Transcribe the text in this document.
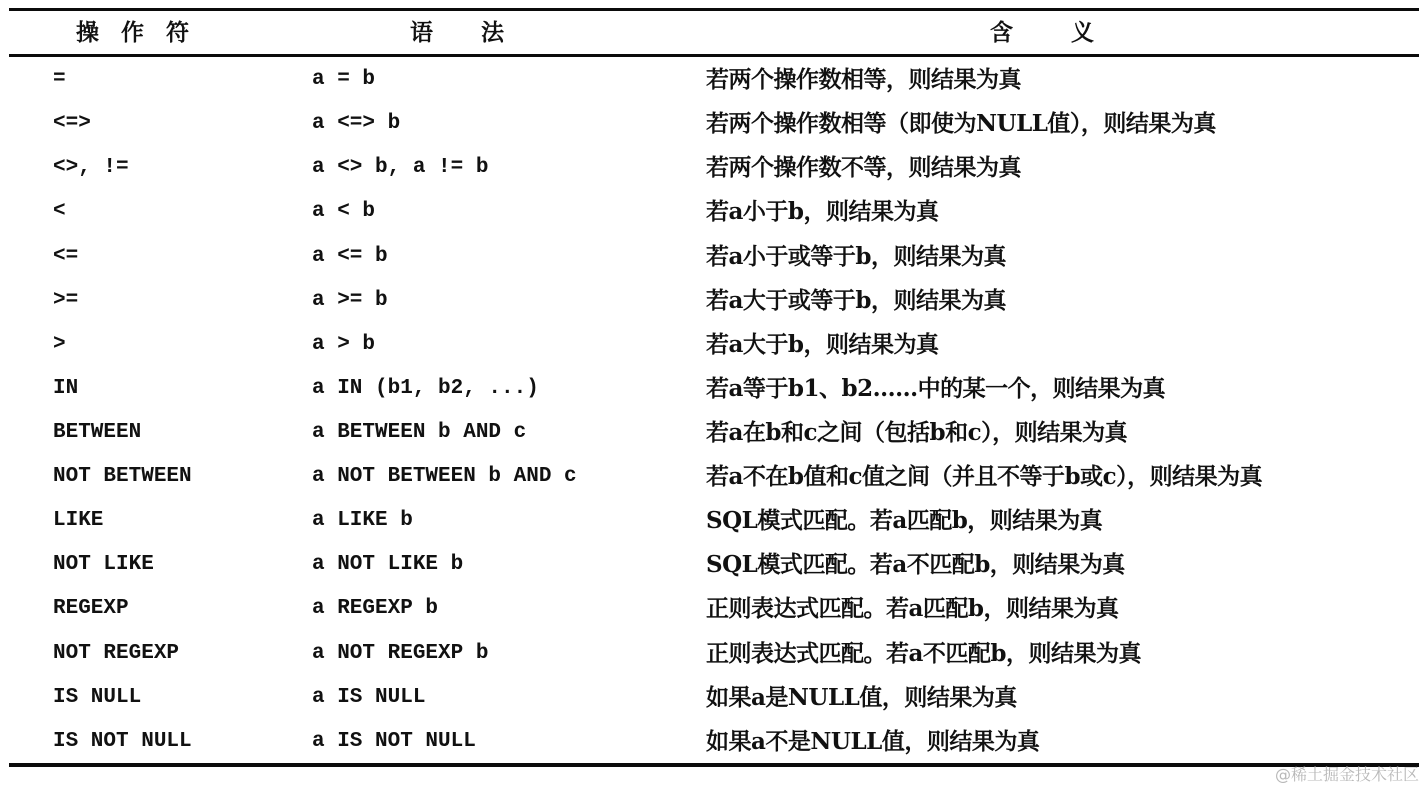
操作符	语法	含义
=	a = b	若两个操作数相等，则结果为真
<=>	a <=> b	若两个操作数相等（即使为NULL值），则结果为真
<>, !=	a <> b, a != b	若两个操作数不等，则结果为真
<	a < b	若a小于b，则结果为真
<=	a <= b	若a小于或等于b，则结果为真
>=	a >= b	若a大于或等于b，则结果为真
>	a > b	若a大于b，则结果为真
IN	a IN (b1, b2, ...)	若a等于b1、b2……中的某一个，则结果为真
BETWEEN	a BETWEEN b AND c	若a在b和c之间（包括b和c），则结果为真
NOT BETWEEN	a NOT BETWEEN b AND c	若a不在b值和c值之间（并且不等于b或c），则结果为真
LIKE	a LIKE b	SQL模式匹配。若a匹配b，则结果为真
NOT LIKE	a NOT LIKE b	SQL模式匹配。若a不匹配b，则结果为真
REGEXP	a REGEXP b	正则表达式匹配。若a匹配b，则结果为真
NOT REGEXP	a NOT REGEXP b	正则表达式匹配。若a不匹配b，则结果为真
IS NULL	a IS NULL	如果a是NULL值，则结果为真
IS NOT NULL	a IS NOT NULL	如果a不是NULL值，则结果为真
@稀土掘金技术社区
